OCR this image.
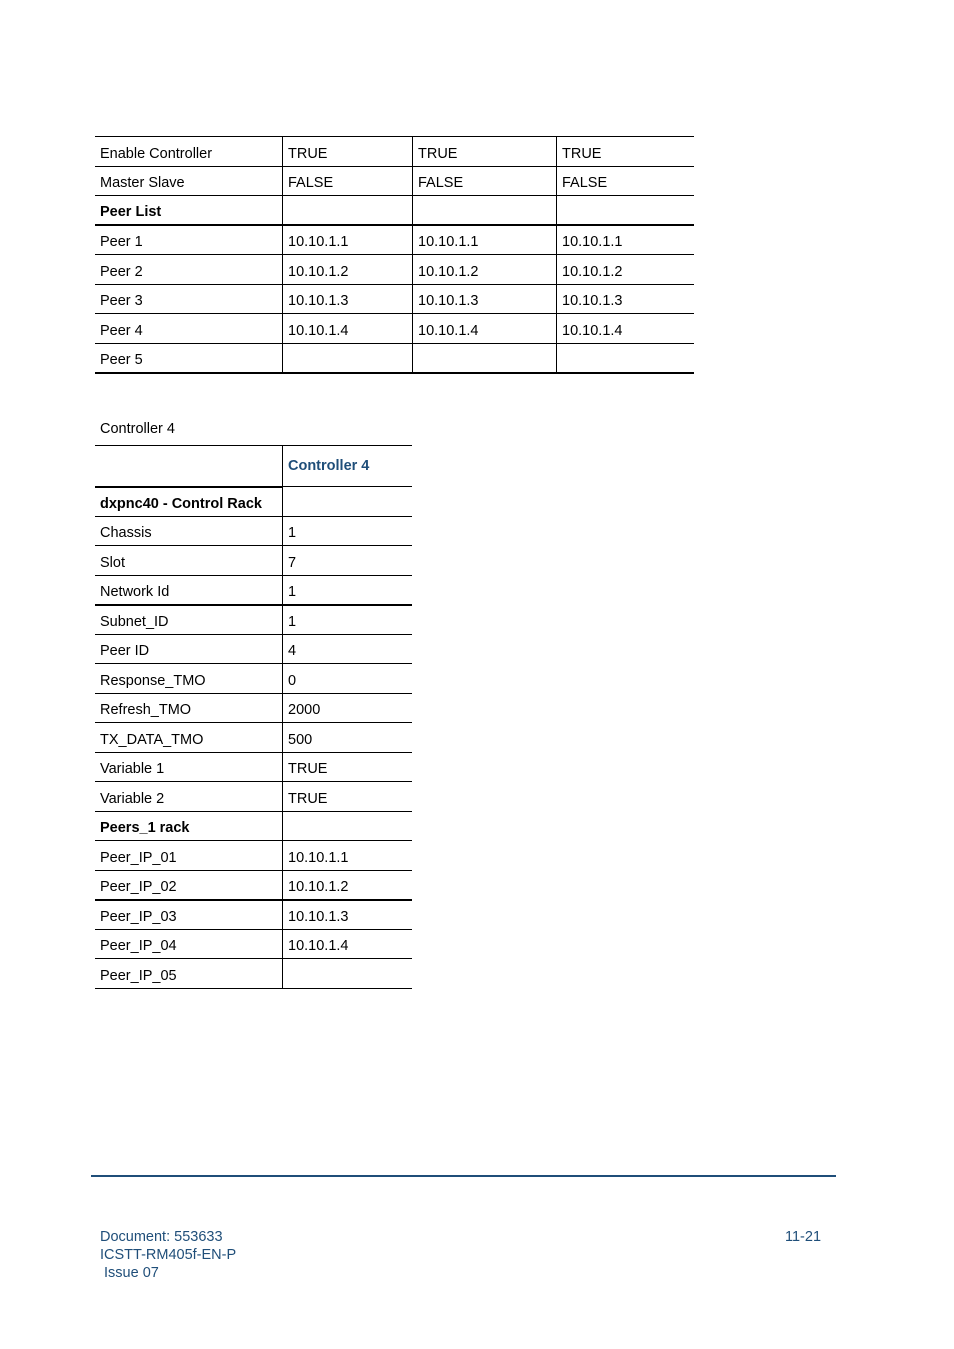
Enable Controller	TRUE	TRUE	TRUE
Master Slave	FALSE	FALSE	FALSE
Peer List			
Peer 1	10.10.1.1	10.10.1.1	10.10.1.1
Peer 2	10.10.1.2	10.10.1.2	10.10.1.2
Peer 3	10.10.1.3	10.10.1.3	10.10.1.3
Peer 4	10.10.1.4	10.10.1.4	10.10.1.4
Peer 5			
Controller 4
	Controller 4
dxpnc40 - Control Rack	
Chassis	1
Slot	7
Network Id	1
Subnet_ID	1
Peer ID	4
Response_TMO	0
Refresh_TMO	2000
TX_DATA_TMO	500
Variable 1	TRUE
Variable 2	TRUE
Peers_1 rack	
Peer_IP_01	10.10.1.1
Peer_IP_02	10.10.1.2
Peer_IP_03	10.10.1.3
Peer_IP_04	10.10.1.4
Peer_IP_05	
Document: 553633
ICSTT-RM405f-EN-P
Issue 07
11-21
